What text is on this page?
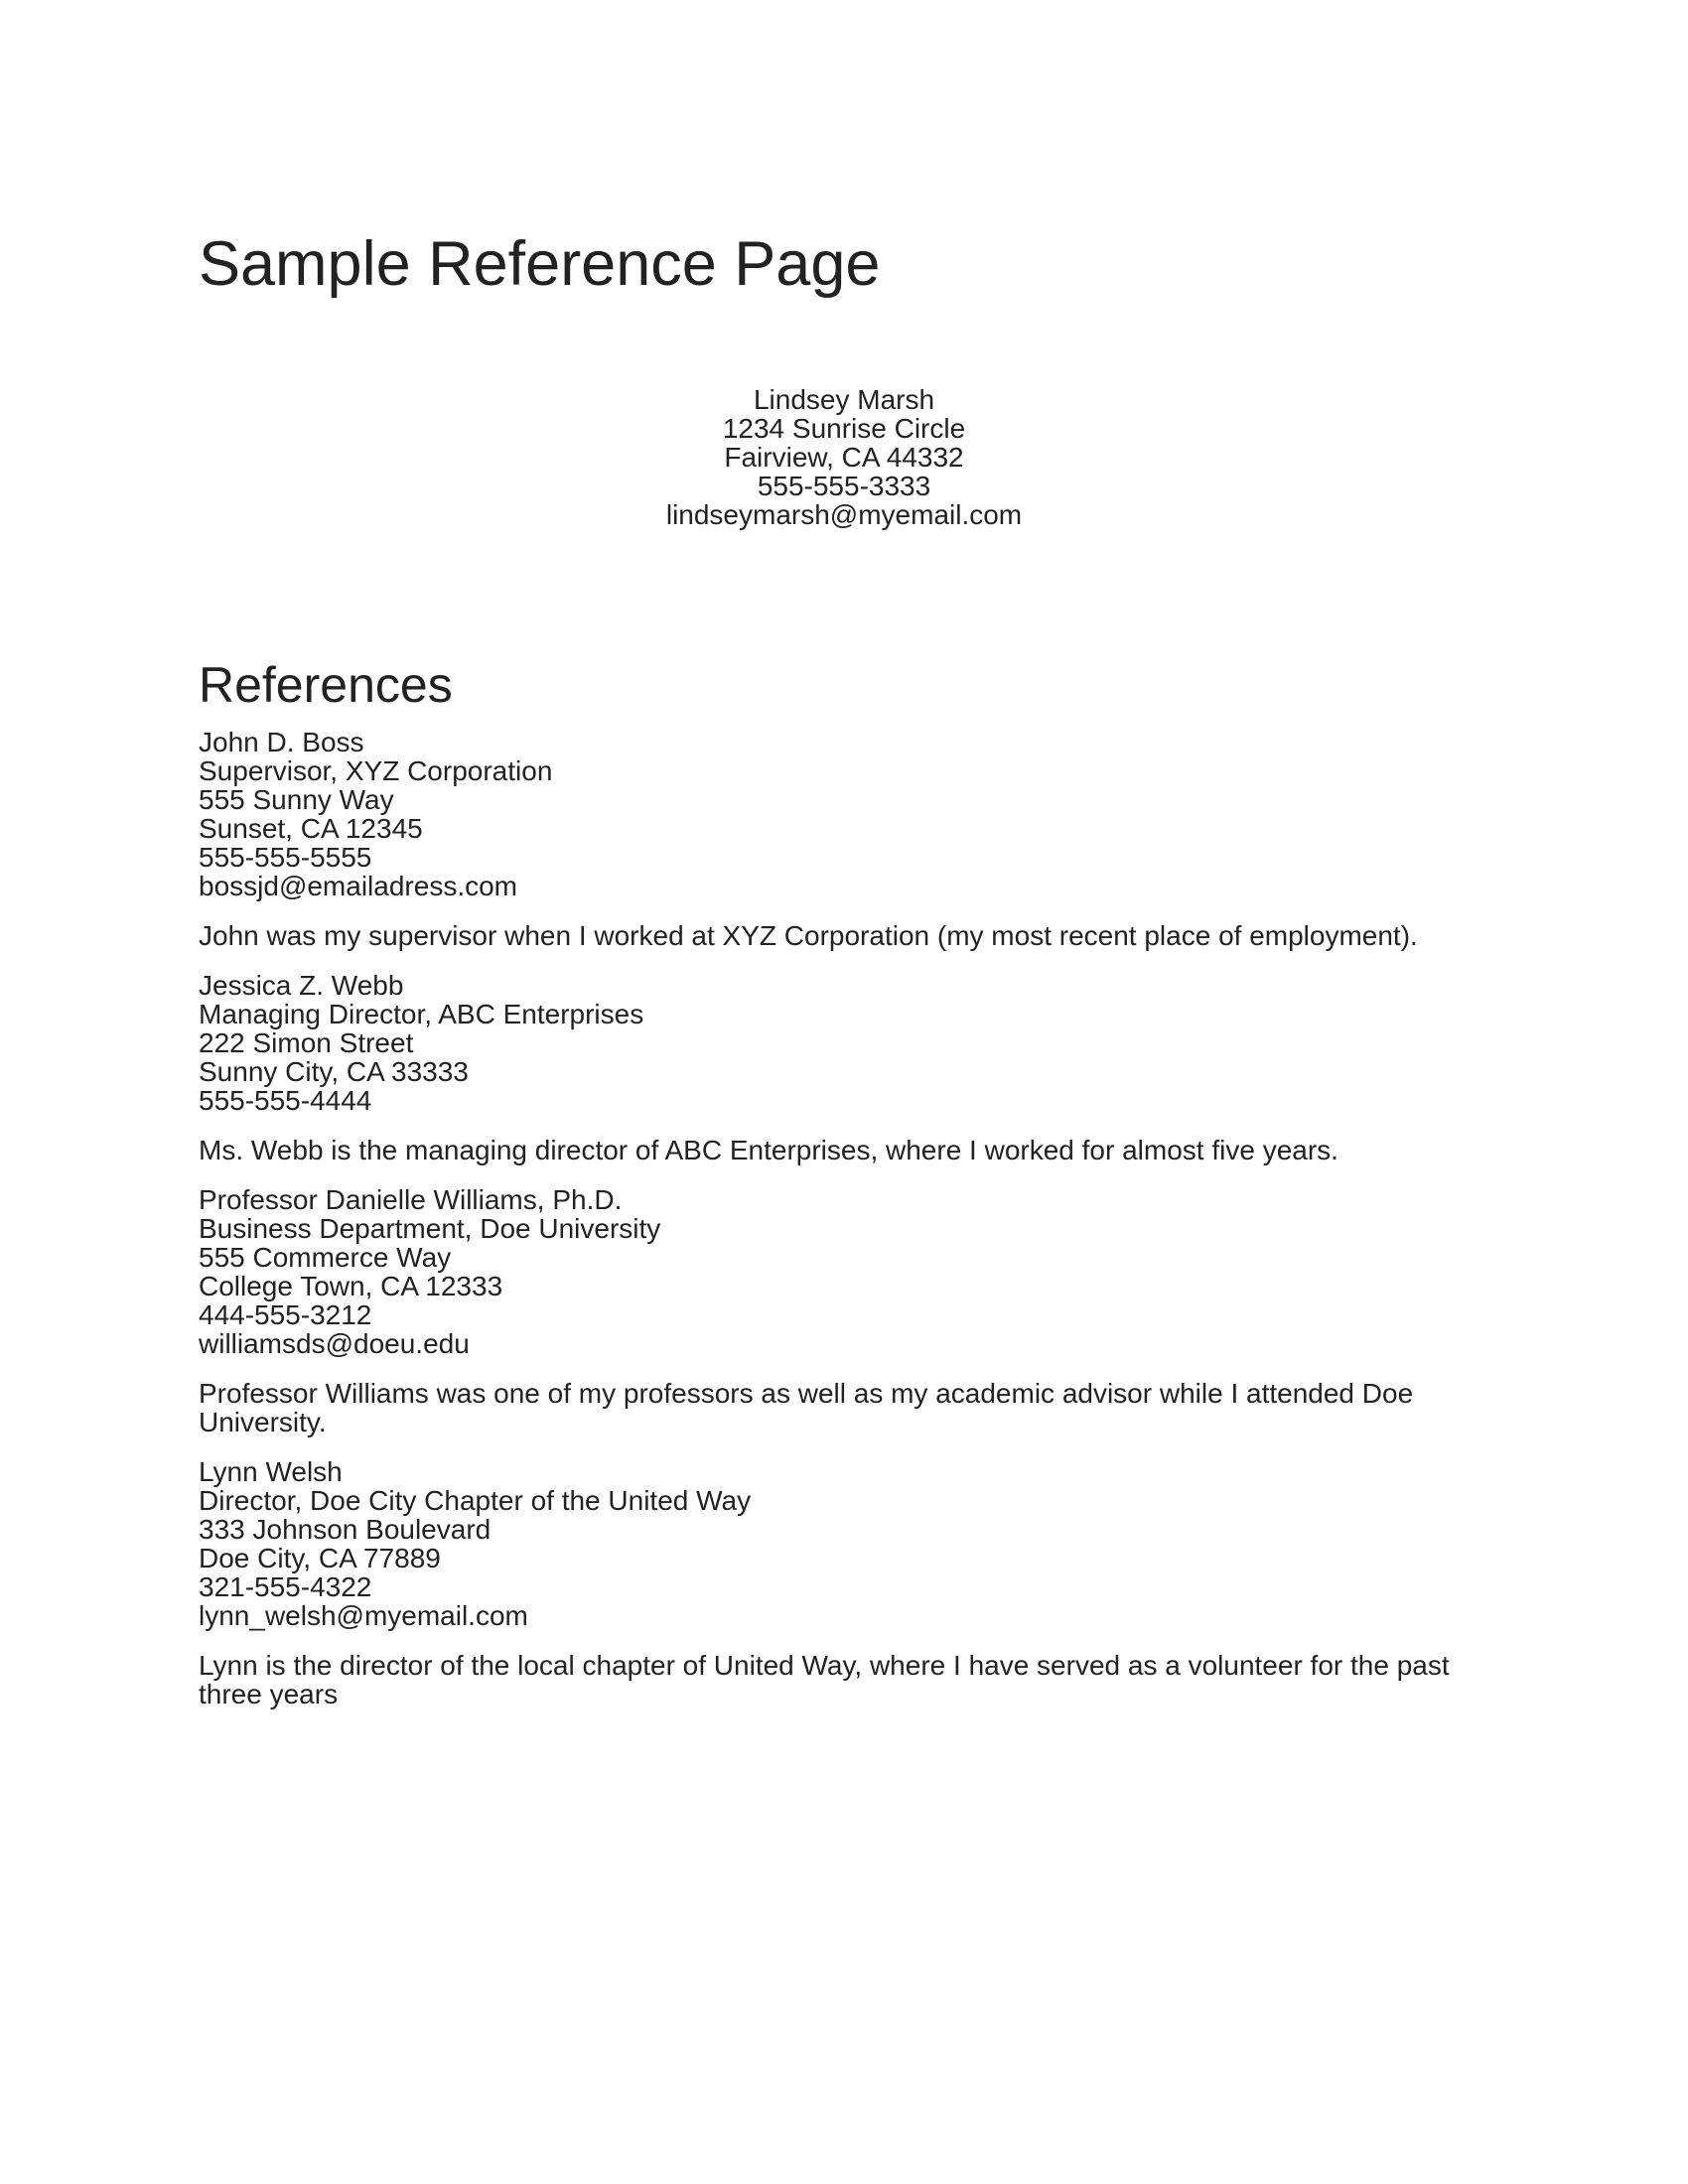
Sample Reference Page
Lindsey Marsh
1234 Sunrise Circle
Fairview, CA 44332
555-555-3333
lindseymarsh@myemail.com
References
John D. Boss
Supervisor, XYZ Corporation
555 Sunny Way
Sunset, CA 12345
555-555-5555
bossjd@emailadress.com

John was my supervisor when I worked at XYZ Corporation (my most recent place of employment).

Jessica Z. Webb
Managing Director, ABC Enterprises
222 Simon Street
Sunny City, CA 33333
555-555-4444

Ms. Webb is the managing director of ABC Enterprises, where I worked for almost five years.

Professor Danielle Williams, Ph.D.
Business Department, Doe University
555 Commerce Way
College Town, CA 12333
444-555-3212
williamsds@doeu.edu

Professor Williams was one of my professors as well as my academic advisor while I attended Doe University.

Lynn Welsh
Director, Doe City Chapter of the United Way
333 Johnson Boulevard
Doe City, CA 77889
321-555-4322
lynn_welsh@myemail.com

Lynn is the director of the local chapter of United Way, where I have served as a volunteer for the past three years
